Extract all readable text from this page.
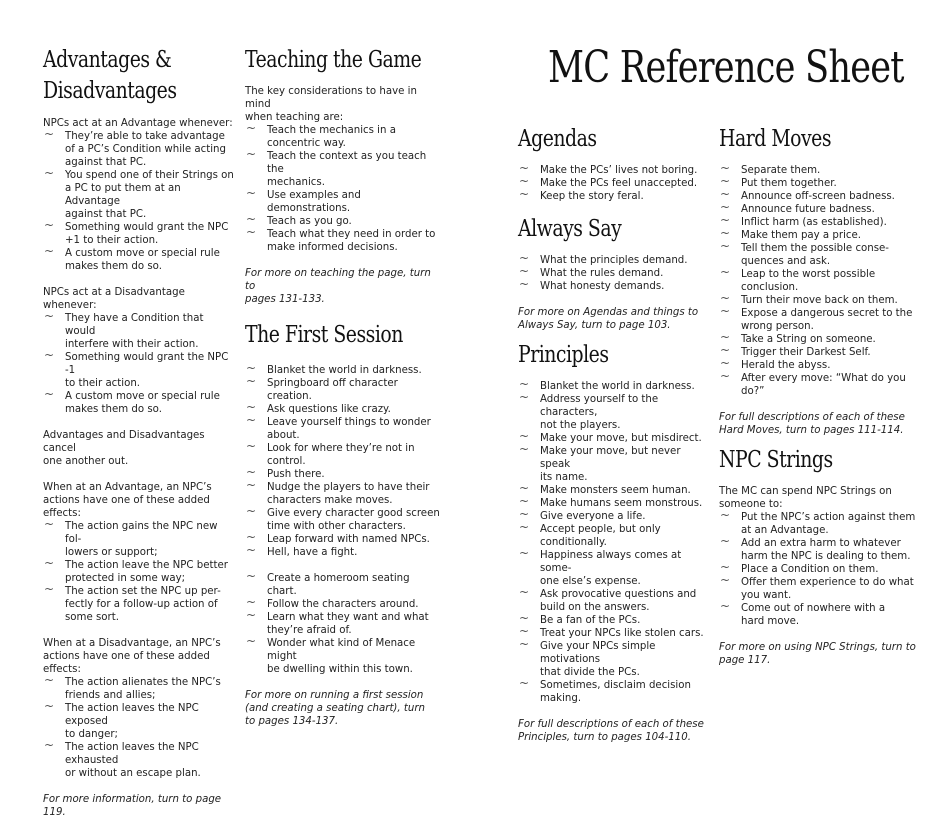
MC Reference Sheet
Advantages &
Disadvantages

NPCs act at an Advantage whenever:

~ They’re able to take advantage
of a PC’s Condition while acting
against that PC.
~ You spend one of their Strings on
a PC to put them at an Advantage
against that PC.
~ Something would grant the NPC
+1 to their action.
~ A custom move or special rule
makes them do so.

NPCs act at a Disadvantage whenever:

~ They have a Condition that would
interfere with their action.
~ Something would grant the NPC -1
to their action.
~ A custom move or special rule
makes them do so.

Advantages and Disadvantages cancel
one another out.

When at an Advantage, an NPC’s
actions have one of these added effects:

~ The action gains the NPC new fol-
lowers or support;
~ The action leave the NPC better
protected in some way;
~ The action set the NPC up per-
fectly for a follow-up action of
some sort.

When at a Disadvantage, an NPC’s
actions have one of these added
effects:

~ The action alienates the NPC’s
friends and allies;
~ The action leaves the NPC exposed
to danger;
~ The action leaves the NPC exhausted
or without an escape plan.

For more information, turn to page 119.

Teaching the Game

The key considerations to have in mind
when teaching are:

~ Teach the mechanics in a
concentric way.
~ Teach the context as you teach the
mechanics.
~ Use examples and demonstrations.
~ Teach as you go.
~ Teach what they need in order to
make informed decisions.

For more on teaching the page, turn to
pages 131-133.

The First Session
~ Blanket the world in darkness.
~ Springboard off character creation.
~ Ask questions like crazy.
~ Leave yourself things to wonder
about.
~ Look for where they’re not in control.
~ Push there.
~ Nudge the players to have their
characters make moves.
~ Give every character good screen
time with other characters.
~ Leap forward with named NPCs.
~ Hell, have a fight.
~ Create a homeroom seating chart.
~ Follow the characters around.
~ Learn what they want and what
they’re afraid of.
~ Wonder what kind of Menace might
be dwelling within this town.

For more on running a first session
(and creating a seating chart), turn
to pages 134-137.

Agendas
~ Make the PCs’ lives not boring.
~ Make the PCs feel unaccepted.
~ Keep the story feral.
Always Say
~ What the principles demand.
~ What the rules demand.
~ What honesty demands.

For more on Agendas and things to
Always Say, turn to page 103.

Principles
~ Blanket the world in darkness.
~ Address yourself to the characters,
not the players.
~ Make your move, but misdirect.
~ Make your move, but never speak
its name.
~ Make monsters seem human.
~ Make humans seem monstrous.
~ Give everyone a life.
~ Accept people, but only
conditionally.
~ Happiness always comes at some-
one else’s expense.
~ Ask provocative questions and
build on the answers.
~ Be a fan of the PCs.
~ Treat your NPCs like stolen cars.
~ Give your NPCs simple motivations
that divide the PCs.
~ Sometimes, disclaim decision making.

For full descriptions of each of these
Principles, turn to pages 104-110.

Hard Moves
~ Separate them.
~ Put them together.
~ Announce off-screen badness.
~ Announce future badness.
~ Inflict harm (as established).
~ Make them pay a price.
~ Tell them the possible conse-
quences and ask.
~ Leap to the worst possible
conclusion.
~ Turn their move back on them.
~ Expose a dangerous secret to the
wrong person.
~ Take a String on someone.
~ Trigger their Darkest Self.
~ Herald the abyss.
~ After every move: “What do you do?”

For full descriptions of each of these
Hard Moves, turn to pages 111-114.

NPC Strings

The MC can spend NPC Strings on
someone to:

~ Put the NPC’s action against them
at an Advantage.
~ Add an extra harm to whatever
harm the NPC is dealing to them.
~ Place a Condition on them.
~ Offer them experience to do what
you want.
~ Come out of nowhere with a
hard move.

For more on using NPC Strings, turn to
page 117.
